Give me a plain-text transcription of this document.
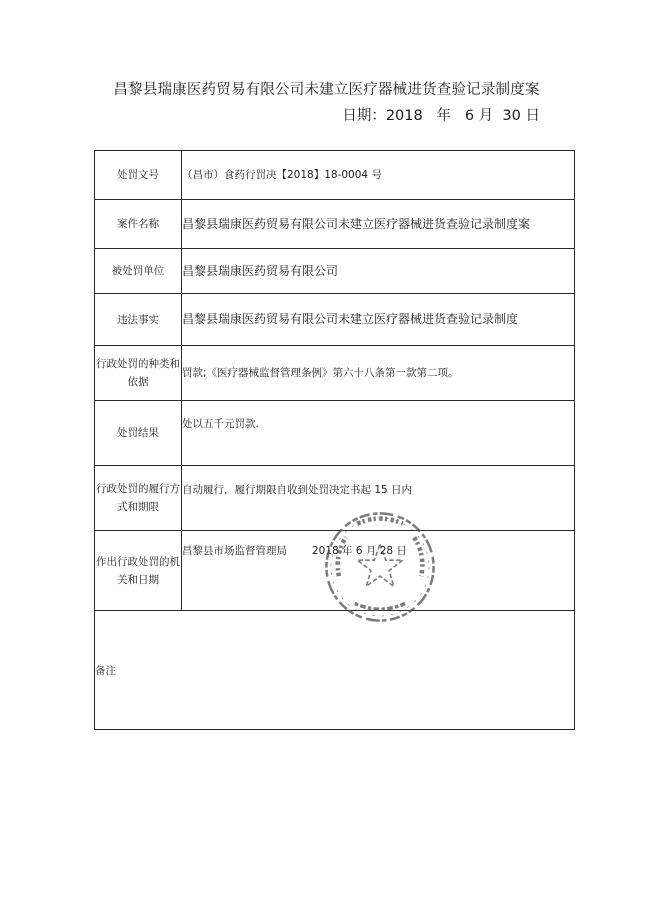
昌黎县瑞康医药贸易有限公司未建立医疗器械进货查验记录制度案
日期：2018   年   6 月  30 日
处罚文号	（昌市）食药行罚决【2018】18-0004 号
案件名称	昌黎县瑞康医药贸易有限公司未建立医疗器械进货查验记录制度案
被处罚单位	昌黎县瑞康医药贸易有限公司
违法事实	昌黎县瑞康医药贸易有限公司未建立医疗器械进货查验记录制度
行政处罚的种类和依据	罚款;《医疗器械监督管理条例》第六十八条第一款第二项。
处罚结果	处以五千元罚款.
行政处罚的履行方式和期限	自动履行，履行期限自收到处罚决定书起 15 日内
作出行政处罚的机关和日期	昌黎县市场监督管理局 2018 年 6 月 28 日
备注	
